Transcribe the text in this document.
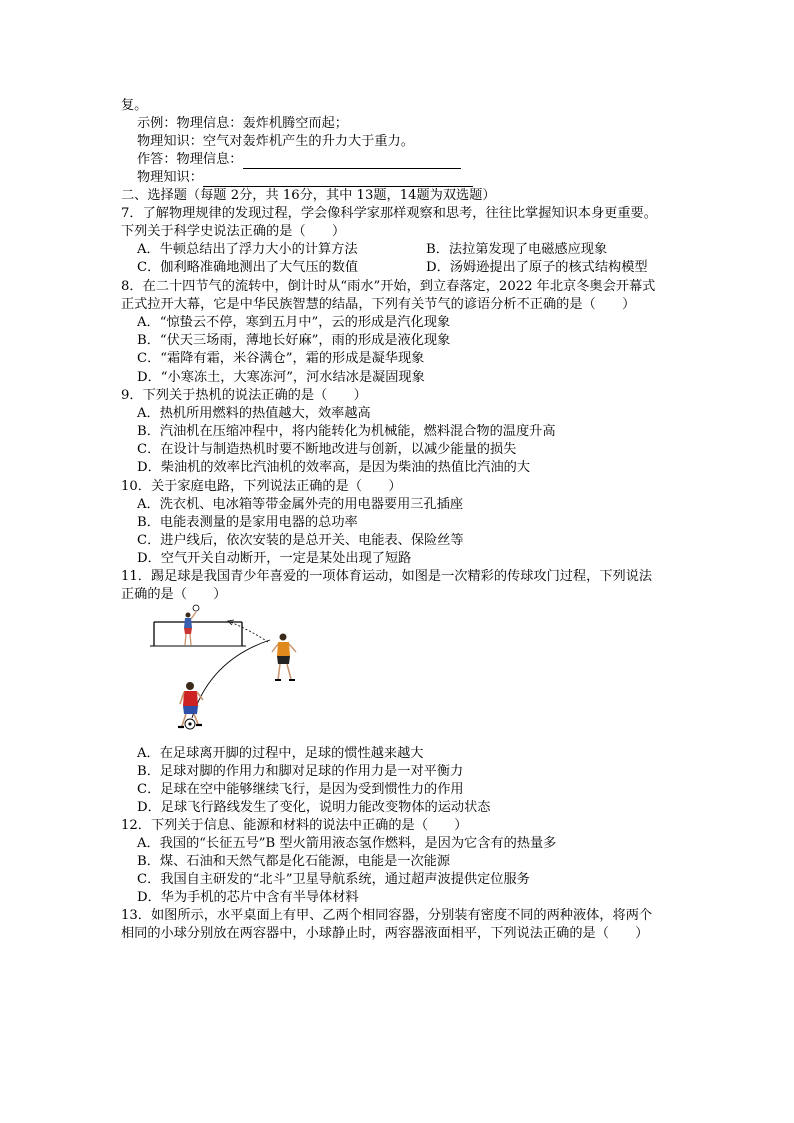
复。
示例：物理信息：轰炸机腾空而起；
物理知识：空气对轰炸机产生的升力大于重力。
作答：物理信息：
物理知识：
二、选择题（每题 2分，共 16分，其中 13题，14题为双选题）
7．了解物理规律的发现过程，学会像科学家那样观察和思考，往往比掌握知识本身更重要。
下列关于科学史说法正确的是（　　）
A．牛顿总结出了浮力大小的计算方法	B．法拉第发现了电磁感应现象
C．伽利略准确地测出了大气压的数值	D．汤姆逊提出了原子的核式结构模型
8．在二十四节气的流转中，倒计时从“雨水”开始，到立春落定，2022 年北京冬奥会开幕式
正式拉开大幕，它是中华民族智慧的结晶，下列有关节气的谚语分析不正确的是（　　）
A．“惊蛰云不停，寒到五月中”，云的形成是汽化现象
B．“伏天三场雨，薄地长好麻”，雨的形成是液化现象
C．“霜降有霜，米谷满仓”，霜的形成是凝华现象
D．“小寒冻土，大寒冻河”，河水结冰是凝固现象
9．下列关于热机的说法正确的是（　　）
A．热机所用燃料的热值越大，效率越高
B．汽油机在压缩冲程中，将内能转化为机械能，燃料混合物的温度升高
C．在设计与制造热机时要不断地改进与创新，以减少能量的损失
D．柴油机的效率比汽油机的效率高，是因为柴油的热值比汽油的大
10．关于家庭电路，下列说法正确的是（　　）
A．洗衣机、电冰箱等带金属外壳的用电器要用三孔插座
B．电能表测量的是家用电器的总功率
C．进户线后，依次安装的是总开关、电能表、保险丝等
D．空气开关自动断开，一定是某处出现了短路
11．踢足球是我国青少年喜爱的一项体育运动，如图是一次精彩的传球攻门过程，下列说法
正确的是（　　）
A．在足球离开脚的过程中，足球的惯性越来越大
B．足球对脚的作用力和脚对足球的作用力是一对平衡力
C．足球在空中能够继续飞行，是因为受到惯性力的作用
D．足球飞行路线发生了变化，说明力能改变物体的运动状态
12．下列关于信息、能源和材料的说法中正确的是（　　）
A．我国的“长征五号”B 型火箭用液态氢作燃料，是因为它含有的热量多
B．煤、石油和天然气都是化石能源，电能是一次能源
C．我国自主研发的“北斗”卫星导航系统，通过超声波提供定位服务
D．华为手机的芯片中含有半导体材料
13．如图所示，水平桌面上有甲、乙两个相同容器，分别装有密度不同的两种液体，将两个
相同的小球分别放在两容器中，小球静止时，两容器液面相平，下列说法正确的是（　　）
